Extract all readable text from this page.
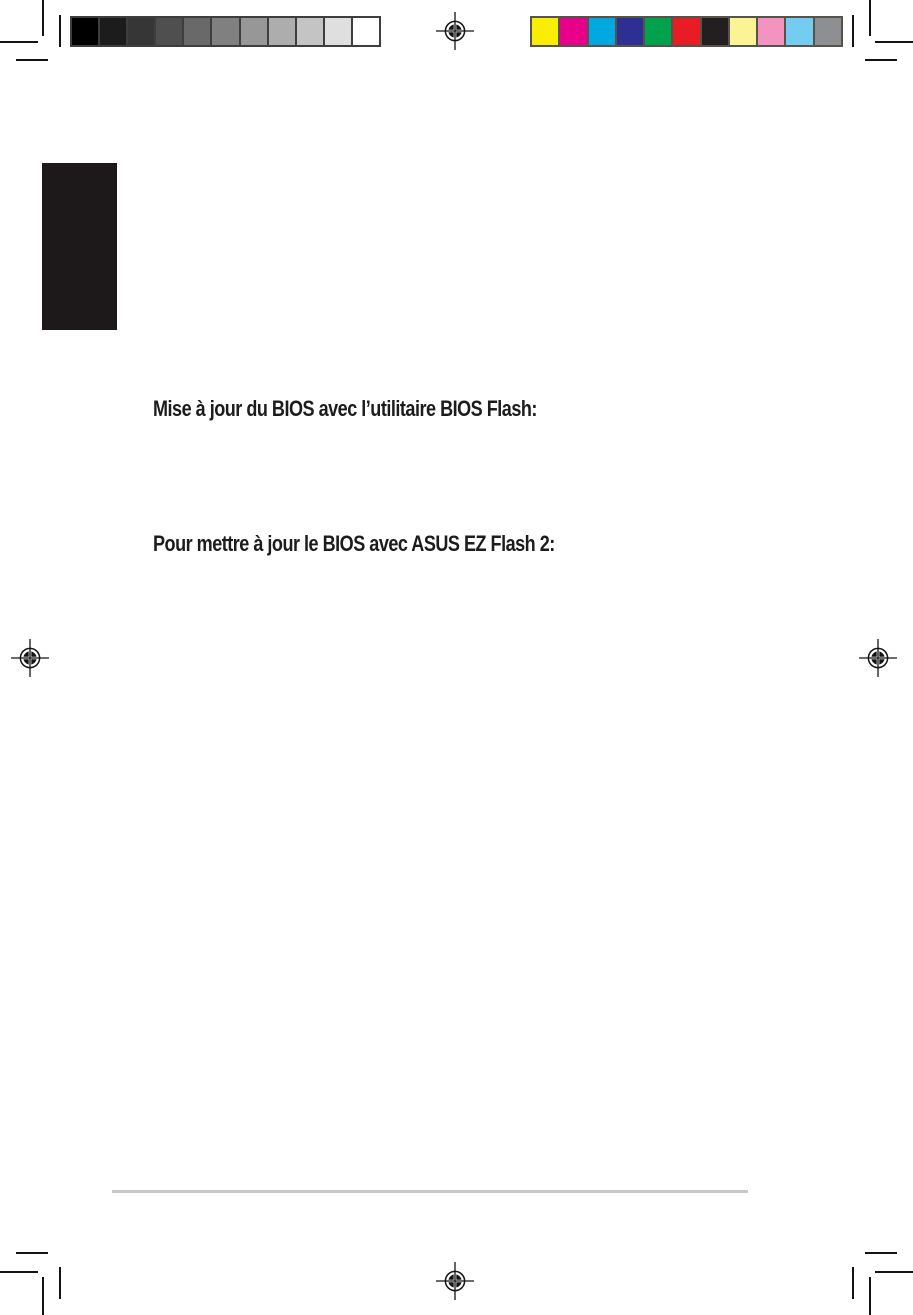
Mise à jour du BIOS avec l’utilitaire BIOS Flash:
Pour mettre à jour le BIOS avec ASUS EZ Flash 2:
